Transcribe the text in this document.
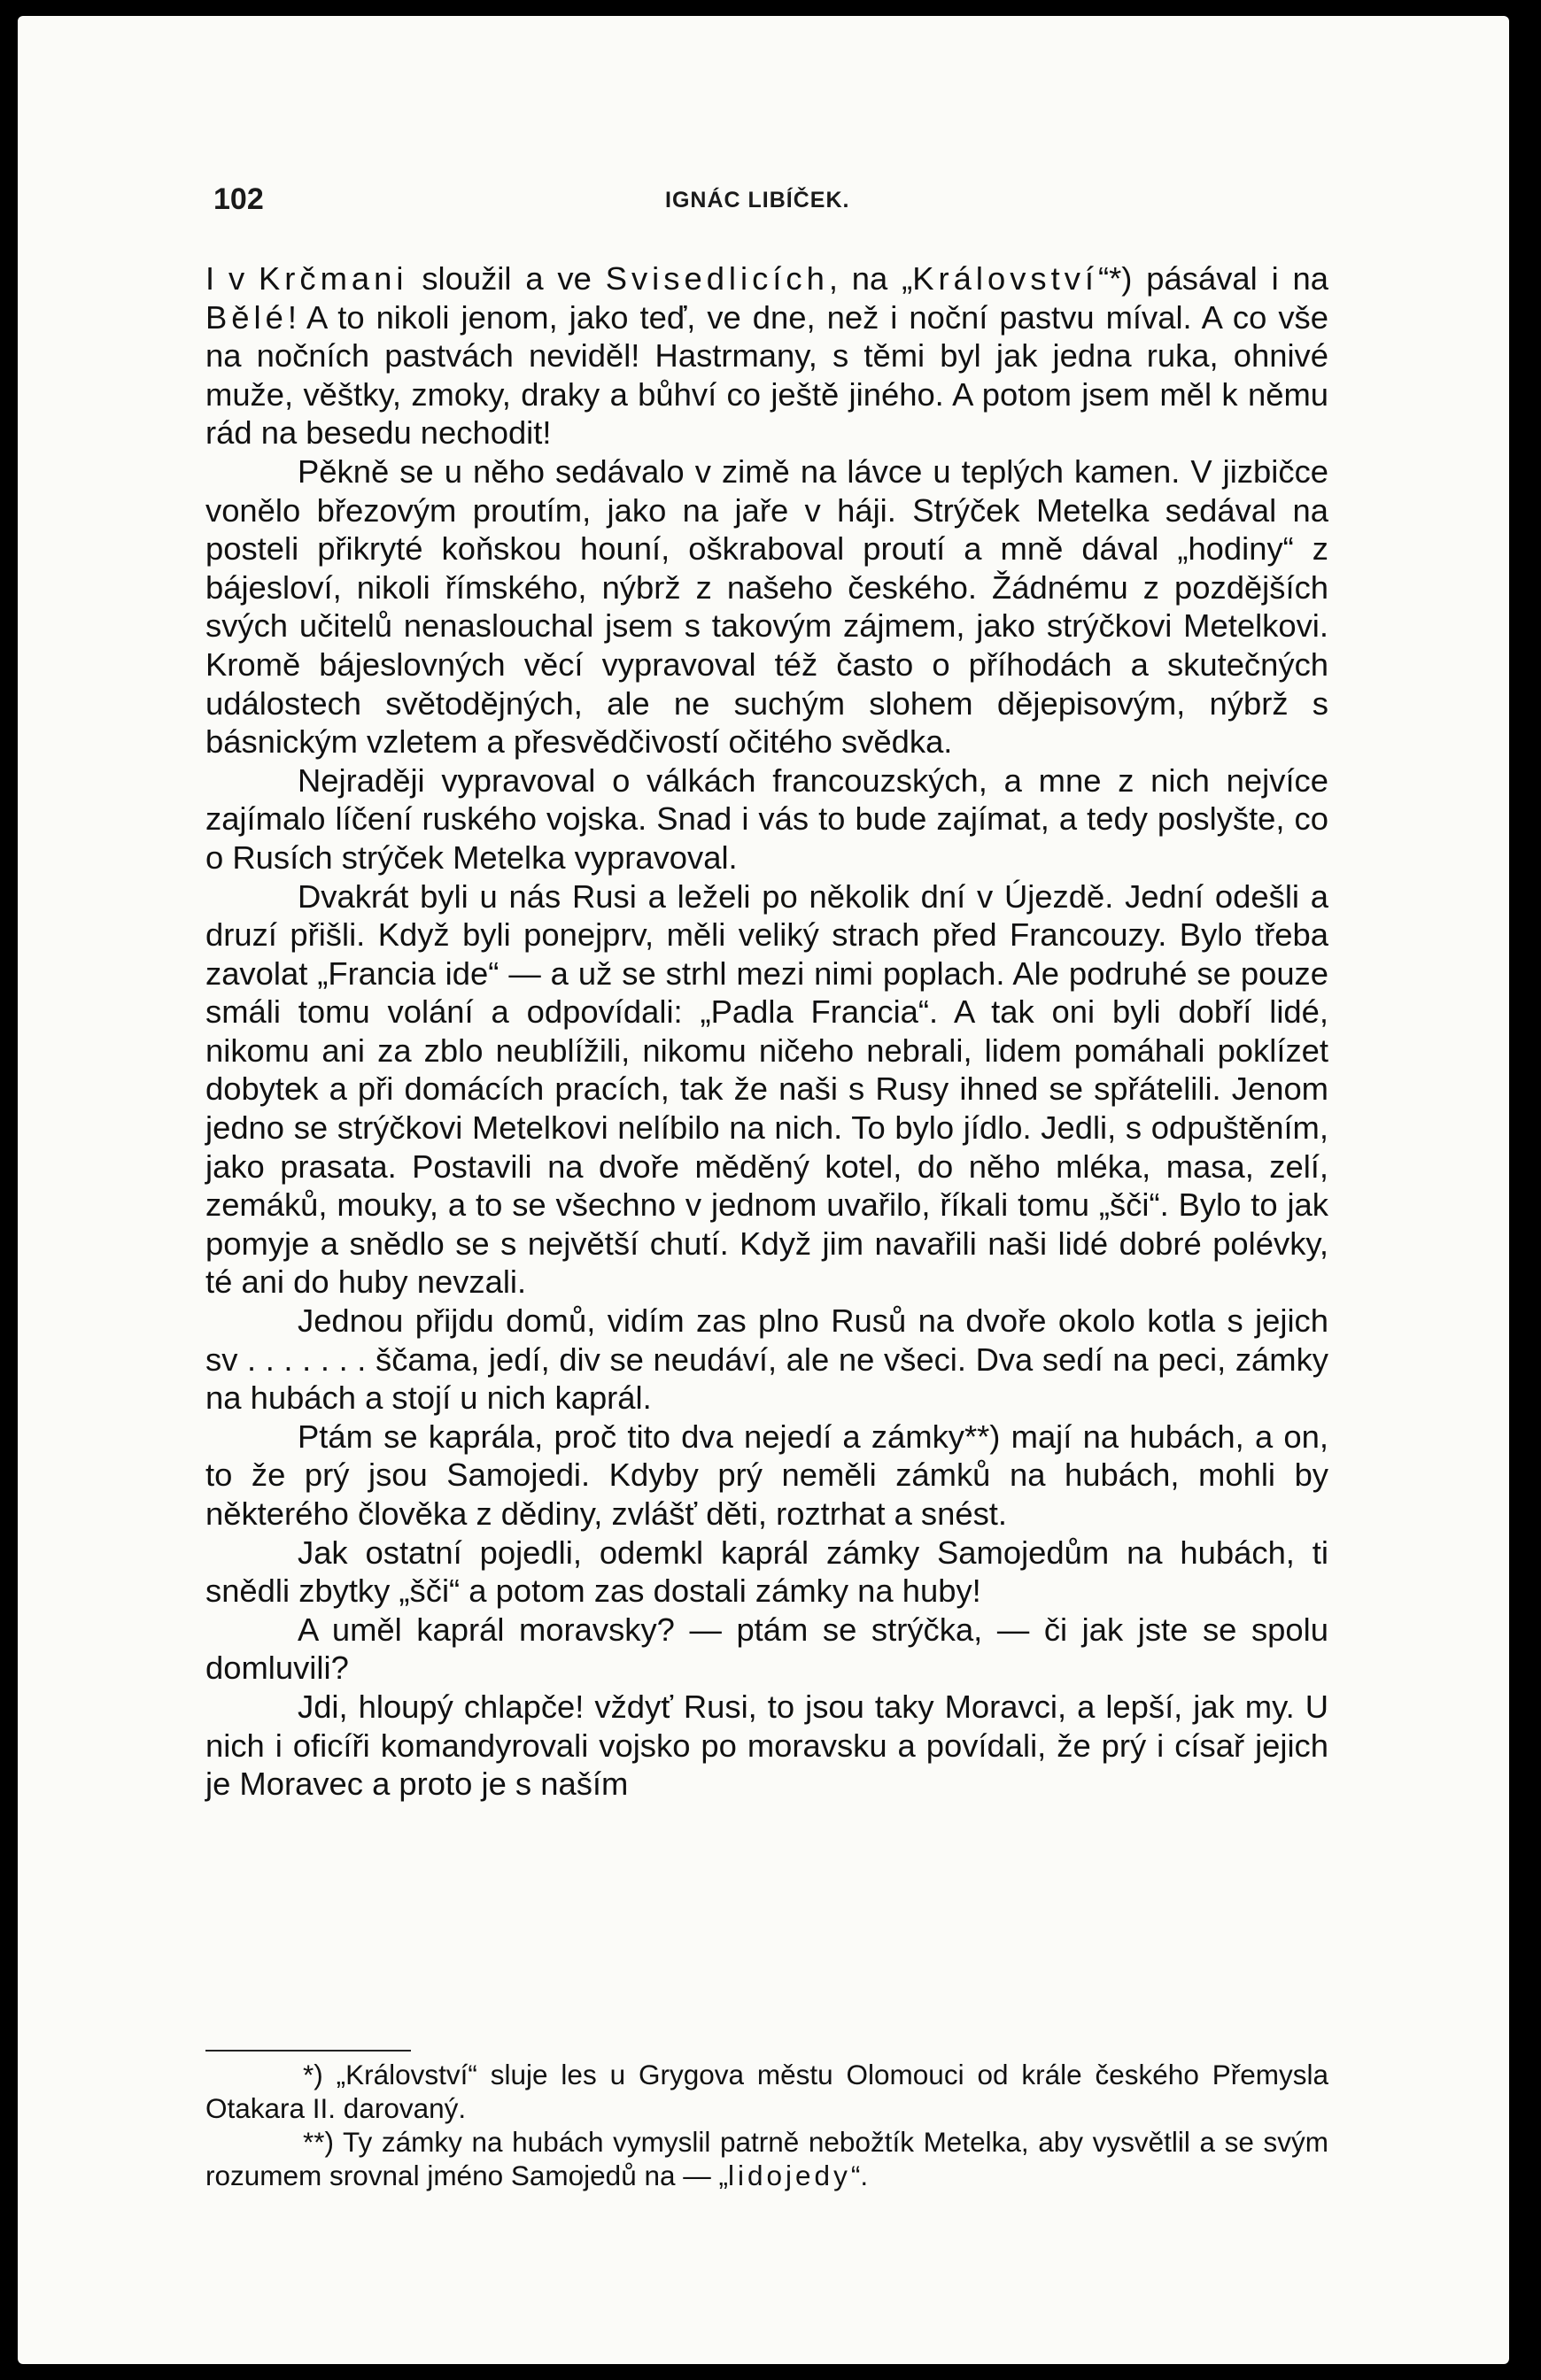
102	IGNÁC LIBÍČEK.

I v Krčmani sloužil a ve Svisedlicích, na „Království“*) pásával i na Bělé! A to nikoli jenom, jako teď, ve dne, než i noční pastvu míval. A co vše na nočních pastvách neviděl! Hastrmany, s těmi byl jak jedna ruka, ohnivé muže, věštky, zmoky, draky a bůhví co ještě jiného. A potom jsem měl k němu rád na besedu nechodit!

Pěkně se u něho sedávalo v zimě na lávce u teplých kamen. V jizbičce vonělo březovým proutím, jako na jaře v háji. Strýček Metelka sedával na posteli přikryté koňskou houní, oškraboval proutí a mně dával „hodiny“ z bájesloví, nikoli římského, nýbrž z našeho českého. Žádnému z pozdějších svých učitelů nenaslouchal jsem s takovým zájmem, jako strýčkovi Metelkovi. Kromě bájeslovných věcí vypravoval též často o příhodách a skutečných událostech světodějných, ale ne suchým slohem dějepisovým, nýbrž s básnickým vzletem a přesvědčivostí očitého svědka.

Nejraději vypravoval o válkách francouzských, a mne z nich nejvíce zajímalo líčení ruského vojska. Snad i vás to bude zajímat, a tedy poslyšte, co o Rusích strýček Metelka vypravoval.

Dvakrát byli u nás Rusi a leželi po několik dní v Újezdě. Jední odešli a druzí přišli. Když byli ponejprv, měli veliký strach před Francouzy. Bylo třeba zavolat „Francia ide“ — a už se strhl mezi nimi poplach. Ale podruhé se pouze smáli tomu volání a odpovídali: „Padla Francia“. A tak oni byli dobří lidé, nikomu ani za zblo neublížili, nikomu ničeho nebrali, lidem pomáhali poklízet dobytek a při domácích pracích, tak že naši s Rusy ihned se spřátelili. Jenom jedno se strýčkovi Metelkovi nelíbilo na nich. To bylo jídlo. Jedli, s odpuštěním, jako prasata. Postavili na dvoře měděný kotel, do něho mléka, masa, zelí, zemáků, mouky, a to se všechno v jednom uvařilo, říkali tomu „šči“. Bylo to jak pomyje a snědlo se s největší chutí. Když jim navařili naši lidé dobré polévky, té ani do huby nevzali.

Jednou přijdu domů, vidím zas plno Rusů na dvoře okolo kotla s jejich sv . . . . . . . ščama, jedí, div se neudáví, ale ne všeci. Dva sedí na peci, zámky na hubách a stojí u nich kaprál.

Ptám se kaprála, proč tito dva nejedí a zámky**) mají na hubách, a on, to že prý jsou Samojedi. Kdyby prý neměli zámků na hubách, mohli by některého člověka z dědiny, zvlášť děti, roztrhat a snést.

Jak ostatní pojedli, odemkl kaprál zámky Samojedům na hubách, ti snědli zbytky „šči“ a potom zas dostali zámky na huby!

A uměl kaprál moravsky? — ptám se strýčka, — či jak jste se spolu domluvili?

Jdi, hloupý chlapče! vždyť Rusi, to jsou taky Moravci, a lepší, jak my. U nich i oficíři komandyrovali vojsko po moravsku a povídali, že prý i císař jejich je Moravec a proto je s naším

*) „Království“ sluje les u Grygova městu Olomouci od krále českého Přemysla Otakara II. darovaný.

**) Ty zámky na hubách vymyslil patrně nebožtík Metelka, aby vysvětlil a se svým rozumem srovnal jméno Samojedů na — „lidojedy“.
